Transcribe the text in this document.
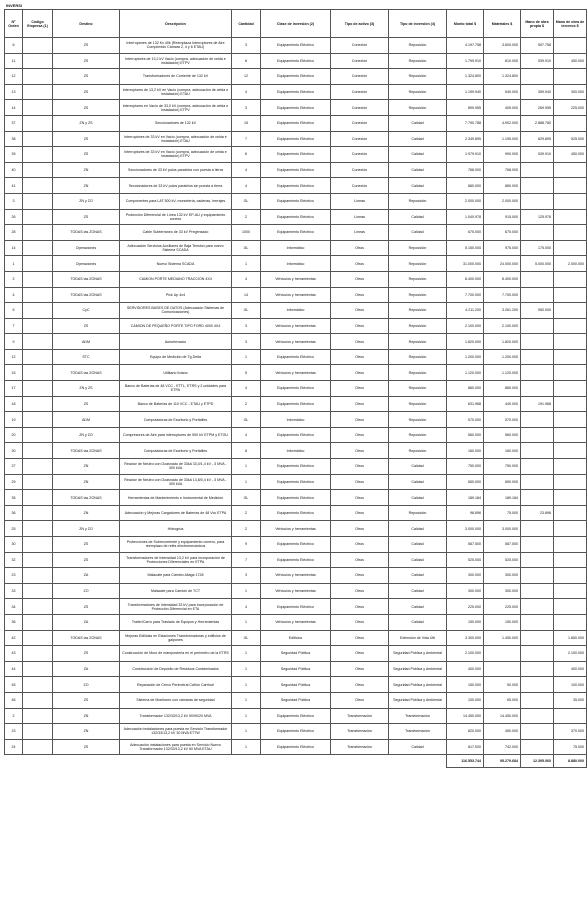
INVERSI
Nº Orden	Código Empresa (1)	Destino	Descripción	Cantidad	Clase de inversión (2)	Tipo de activo (3)	Tipo de inversión (4)	Monto total $	Materiales $	Mano de obra propia $	Mano de obra de terceros $
6		ZS	Interruptores de 132 Kv 40k (Reemplaza Interruptores de Aire Comprimido Cámara 2, 4 y 6 ETAU)	3	Equipamiento Eléctrico	Conexión	Reposición	4.197.758	3.600.000	597.758	
11		ZS	Interruptores de 13,2 kV Vacío (compra, adecuación de celda e instalación) ETPV	6	Equipamiento Eléctrico	Conexión	Reposición	1.799.910	810.000	539.910	450.000
12		ZS	Transformadores de Corriente de 132 kV	12	Equipamiento Eléctrico	Conexión	Reposición	1.324.800	1.324.800		
13		ZS	Interruptores de 13,2 kV en Vacío (compra, adecuación de celda e instalación) ETAU	4	Equipamiento Eléctrico	Conexión	Reposición	1.199.940	540.000	359.940	300.000
14		ZS	Interruptores en Vacío de 33,0 kV (compra, adecuación de celda e instalación) ETPV	3	Equipamiento Eléctrico	Conexión	Reposición	899.955	405.000	269.955	225.000
37		ZN y ZS	Seccionadores de 132 kV	15	Equipamiento Eléctrico	Conexión	Calidad	7.790.788	4.902.000	2.888.780	
38		ZS	Interruptores de 33 kV en Vacío (compra, adecuación de celda e instalación) ETAU	7	Equipamiento Eléctrico	Conexión	Calidad	2.349.895	1.195.000	629.895	525.000
39		ZS	Interruptores de 33 kV en Vacío (compra, adecuación de celda e instalación) ETPV	6	Equipamiento Eléctrico	Conexión	Calidad	1.979.910	990.000	539.910	450.000
40		ZN	Seccionadores de 33 kV polos paralelos con puesta a tierra	4	Equipamiento Eléctrico	Conexión	Calidad	768.000	768.000		
41		ZN	Seccionadores de 33 kV polos paralelos sin puesta a tierra	4	Equipamiento Eléctrico	Conexión	Calidad	880.000	880.000		
3		ZN y ZO	Componentes para LAT 500 kV, morsetería, cadenas, herrajes	GL	Equipamiento Eléctrico	Líneas	Reposición	2.000.000	2.000.000		
26		ZS	Protección Diferencial de Línea 132 kV EP-AU y equipamiento conexo	2	Equipamiento Eléctrico	Líneas	Calidad	1.040.978	915.000	125.978	
28		TODAS las ZONAS	Cable Subterráneo de 33 kV Pregensado	1000	Equipamiento Eléctrico	Líneas	Calidad	675.000	675.000		
14		Operaciones	Adecuación Servicios Auxiliares de Baja Tensión para nuevo Sistema SCADA	GL	Informático	Otros	Reposición	5.150.000	975.000	175.000	
1		Operaciones	Nuevo Sistema SCADA	1	Informático	Otros	Reposición	31.000.000	24.000.000	5.000.000	2.000.000
2		TODAS las ZONAS	CAMION PORTE MEDIANO TRACCION 4X4	4	Vehículos y herramientas	Otros	Reposición	8.400.000	8.400.000		
4		TODAS las ZONAS	Pick Up 4x4	14	Vehículos y herramientas	Otros	Reposición	7.700.000	7.700.000		
5		CyC	SERVIDORES BASES DE DATOS (Adecuación Sistemas de Comunicaciones)	GL	Informático	Otros	Reposición	4.211.200	3.261.200	950.000	
7		ZS	CAMION DE PEQUEÑO PORTE TIPO FORD 4000 4X4	3	Vehículos y herramientas	Otros	Reposición	2.100.000	2.100.000		
9		ADM	Autoelevador	3	Vehículos y herramientas	Otros	Reposición	1.820.000	1.820.000		
12		STC	Equipo de Medición de Tg Delta	1	Equipamiento Eléctrico	Otros	Reposición	1.200.000	1.200.000		
15		TODAS las ZONAS	Utilitario liviano	5	Vehículos y herramientas	Otros	Reposición	1.120.000	1.120.000		
17		ZN y ZS	Banco de Baterías de 48 VCC - ETTL, ETRS y 2 unidades para ETPA	4	Equipamiento Eléctrico	Otros	Reposición	880.000	880.000		
18		ZS	Banco de Baterías de 110 VCC - ETAU y ETPD	2	Equipamiento Eléctrico	Otros	Reposición	631.968	440.000	191.968	
19		ADM	Computadoras de Escritorio y Portátiles	GL	Informático	Otros	Reposición	570.000	570.000		
20		ZN y ZO	Compresores de Aire para interruptores de 500 kV ETPM y ETGU	4	Equipamiento Eléctrico	Otros	Reposición	560.000	560.000		
30		TODAS las ZONAS	Computadoras de Escritorio y Portátiles	8	Informático	Otros	Reposición	160.000	160.000		
27		ZN	Reactor de Neutro con Ocasnado de 33kA 33,0/1,4 kV - 3 MVA - 300 kVA	1	Equipamiento Eléctrico	Otros	Calidad	750.000	750.000		
29		ZN	Reactor de Neutro con Ocasnado de 33kA 13,8/0,4 kV - 3 MVA - 300 kVA	1	Equipamiento Eléctrico	Otros	Calidad	650.000	650.000		
35		TODAS las ZONAS	Herramientas de Mantenimiento e Instrumental de Medición	GL	Equipamiento Eléctrico	Otros	Calidad	189.184	189.184		
36		ZN	Adecuación y Mejoras Cargadores de Baterías de 48 Vcc ETPA	2	Equipamiento Eléctrico	Otros	Reposición	98.896	75.000	23.896	
25		ZN y ZO	Hidrogrúa	2	Vehículos y herramientas	Otros	Calidad	3.000.000	3.000.000		
30		ZS	Protecciones de Sobrecorriente y equipamiento conexo, para reemplazo de relés electromecánicos	9	Equipamiento Eléctrico	Otros	Calidad	587.500	587.500		
32		ZS	Transformadores de Intensidad 13,2 kV para incorporación de Protecciones Diferenciales en ETPA	7	Equipamiento Eléctrico	Otros	Calidad	525.000	525.000		
23		ZA	Malacate para Camión Aliaga 1728	3	Vehículos y herramientas	Otros	Calidad	300.000	300.000		
33		ZO	Malacate para Camión de TCT	1	Vehículos y herramientas	Otros	Calidad	300.000	300.000		
34		ZS	Transformadores de Intensidad 33 kV para incorporación de Protección Diferencial en ETA	4	Equipamiento Eléctrico	Otros	Calidad	225.000	225.000		
36		ZA	Trailer/Carro para Traslado de Equipos y Herramientas	1	Vehículos y herramientas	Otros	Calidad	150.000	150.000		
42		TODAS las ZONAS	Mejoras Edilicias en Estaciones Transformadoras y edificios de galpones	GL	Edificios	Otros	Extensión de Vida Útil	3.300.000	1.450.000		1.850.000
43		ZS	Construcción de Muro de mampostería en el perímetro de la ETRS	1	Seguridad Pública	Otros	Seguridad Pública y Ambiental	2.100.000			2.100.000
44		ZA	Construcción de Depósito de Residuos Contaminados	1	Seguridad Pública	Otros	Seguridad Pública y Ambiental	400.000			400.000
45		ZO	Reparación de Cerco Perimetral Cañón Carrhué	1	Seguridad Pública	Otros	Seguridad Pública y Ambiental	150.000	50.000		100.000
46		ZS	Sistema de Monitoreo con cámaras de seguridad	1	Seguridad Pública	Otros	Seguridad Pública y Ambiental	100.000	65.000		35.000
2		ZN	Transformador 132/33/13,2 kV 90/90/20 MVA	1	Equipamiento Eléctrico	Transformación	Transformación	14.450.000	14.450.000		
23		ZN	Adecuación instalaciones para puesta en Servicio Transformador 132/33/13,2 kV 30 MVA ETTW	1	Equipamiento Eléctrico	Transformación	Transformación	820.000	450.000		370.000
24		ZS	Adecuación instalaciones para puesta en Servicio Nuevo Transformador 132/33/13,2 kV 60 MVA ETAU	1	Equipamiento Eléctrico	Transformación	Calidad	817.000	742.000		75.000
								116.553.744	95.279.684	12.395.060	8.880.000
